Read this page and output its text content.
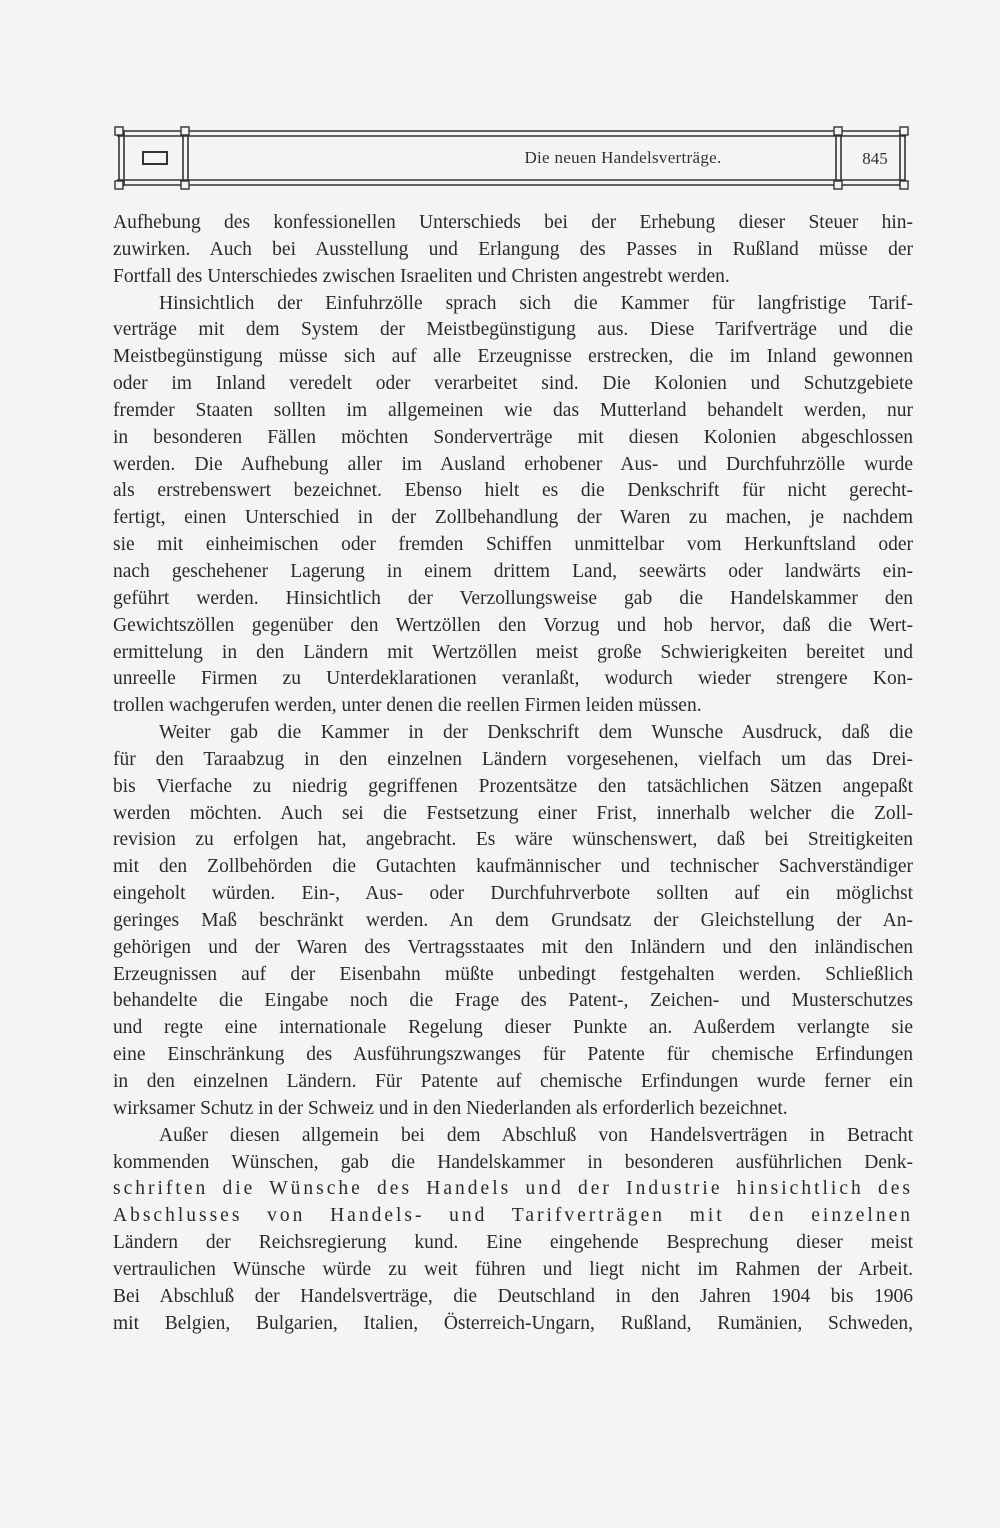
Die neuen Handelsverträge.	845
Aufhebung des konfessionellen Unterschieds bei der Erhebung dieser Steuer hin-
zuwirken. Auch bei Ausstellung und Erlangung des Passes in Rußland müsse der
Fortfall des Unterschiedes zwischen Israeliten und Christen angestrebt werden.
Hinsichtlich der Einfuhrzölle sprach sich die Kammer für langfristige Tarif-
verträge mit dem System der Meistbegünstigung aus. Diese Tarifverträge und die
Meistbegünstigung müsse sich auf alle Erzeugnisse erstrecken, die im Inland gewonnen
oder im Inland veredelt oder verarbeitet sind. Die Kolonien und Schutzgebiete
fremder Staaten sollten im allgemeinen wie das Mutterland behandelt werden, nur
in besonderen Fällen möchten Sonderverträge mit diesen Kolonien abgeschlossen
werden. Die Aufhebung aller im Ausland erhobener Aus- und Durchfuhrzölle wurde
als erstrebenswert bezeichnet. Ebenso hielt es die Denkschrift für nicht gerecht-
fertigt, einen Unterschied in der Zollbehandlung der Waren zu machen, je nachdem
sie mit einheimischen oder fremden Schiffen unmittelbar vom Herkunftsland oder
nach geschehener Lagerung in einem drittem Land, seewärts oder landwärts ein-
geführt werden. Hinsichtlich der Verzollungsweise gab die Handelskammer den
Gewichtszöllen gegenüber den Wertzöllen den Vorzug und hob hervor, daß die Wert-
ermittelung in den Ländern mit Wertzöllen meist große Schwierigkeiten bereitet und
unreelle Firmen zu Unterdeklarationen veranlaßt, wodurch wieder strengere Kon-
trollen wachgerufen werden, unter denen die reellen Firmen leiden müssen.
Weiter gab die Kammer in der Denkschrift dem Wunsche Ausdruck, daß die
für den Taraabzug in den einzelnen Ländern vorgesehenen, vielfach um das Drei-
bis Vierfache zu niedrig gegriffenen Prozentsätze den tatsächlichen Sätzen angepaßt
werden möchten. Auch sei die Festsetzung einer Frist, innerhalb welcher die Zoll-
revision zu erfolgen hat, angebracht. Es wäre wünschenswert, daß bei Streitigkeiten
mit den Zollbehörden die Gutachten kaufmännischer und technischer Sachverständiger
eingeholt würden. Ein-, Aus- oder Durchfuhrverbote sollten auf ein möglichst
geringes Maß beschränkt werden. An dem Grundsatz der Gleichstellung der An-
gehörigen und der Waren des Vertragsstaates mit den Inländern und den inländischen
Erzeugnissen auf der Eisenbahn müßte unbedingt festgehalten werden. Schließlich
behandelte die Eingabe noch die Frage des Patent-, Zeichen- und Musterschutzes
und regte eine internationale Regelung dieser Punkte an. Außerdem verlangte sie
eine Einschränkung des Ausführungszwanges für Patente für chemische Erfindungen
in den einzelnen Ländern. Für Patente auf chemische Erfindungen wurde ferner ein
wirksamer Schutz in der Schweiz und in den Niederlanden als erforderlich bezeichnet.
Außer diesen allgemein bei dem Abschluß von Handelsverträgen in Betracht
kommenden Wünschen, gab die Handelskammer in besonderen ausführlichen Denk-
schriften die Wünsche des Handels und der Industrie hinsichtlich des
Abschlusses von Handels- und Tarifverträgen mit den einzelnen
Ländern der Reichsregierung kund. Eine eingehende Besprechung dieser meist
vertraulichen Wünsche würde zu weit führen und liegt nicht im Rahmen der Arbeit.
Bei Abschluß der Handelsverträge, die Deutschland in den Jahren 1904 bis 1906
mit Belgien, Bulgarien, Italien, Österreich-Ungarn, Rußland, Rumänien, Schweden,
